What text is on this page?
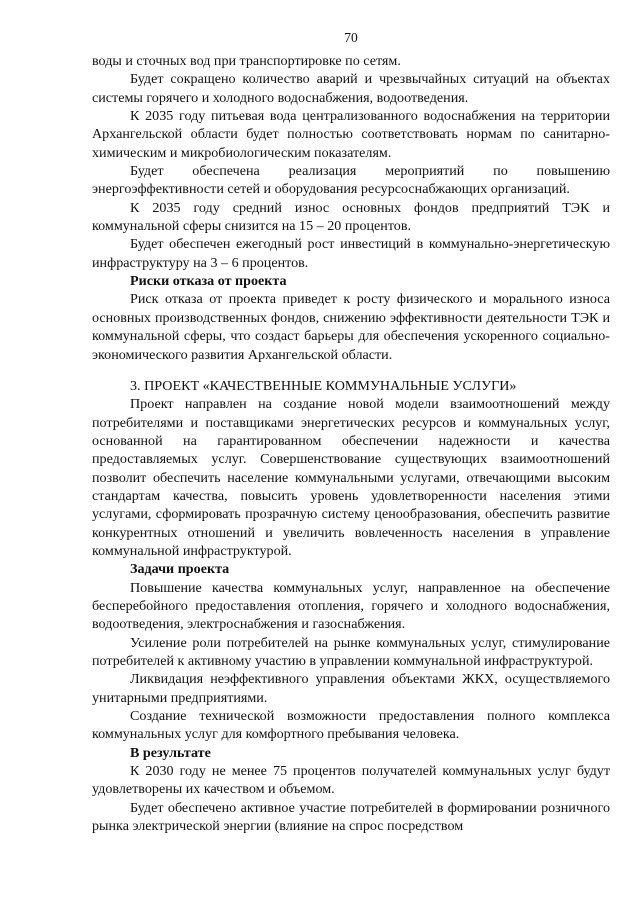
70

воды и сточных вод при транспортировке по сетям.

Будет сокращено количество аварий и чрезвычайных ситуаций на объектах системы горячего и холодного водоснабжения, водоотведения.

К 2035 году питьевая вода централизованного водоснабжения на территории Архангельской области будет полностью соответствовать нормам по санитарно-химическим и микробиологическим показателям.

Будет обеспечена реализация мероприятий по повышению энергоэффективности сетей и оборудования ресурсоснабжающих организаций.

К 2035 году средний износ основных фондов предприятий ТЭК и коммунальной сферы снизится на 15 – 20 процентов.

Будет обеспечен ежегодный рост инвестиций в коммунально-энергетическую инфраструктуру на 3 – 6 процентов.

Риски отказа от проекта

Риск отказа от проекта приведет к росту физического и морального износа основных производственных фондов, снижению эффективности деятельности ТЭК и коммунальной сферы, что создаст барьеры для обеспечения ускоренного социально-экономического развития Архангельской области.

3. ПРОЕКТ «КАЧЕСТВЕННЫЕ КОММУНАЛЬНЫЕ УСЛУГИ»

Проект направлен на создание новой модели взаимоотношений между потребителями и поставщиками энергетических ресурсов и коммунальных услуг, основанной на гарантированном обеспечении надежности и качества предоставляемых услуг. Совершенствование существующих взаимоотношений позволит обеспечить население коммунальными услугами, отвечающими высоким стандартам качества, повысить уровень удовлетворенности населения этими услугами, сформировать прозрачную систему ценообразования, обеспечить развитие конкурентных отношений и увеличить вовлеченность населения в управление коммунальной инфраструктурой.

Задачи проекта

Повышение качества коммунальных услуг, направленное на обеспечение бесперебойного предоставления отопления, горячего и холодного водоснабжения, водоотведения, электроснабжения и газоснабжения.

Усиление роли потребителей на рынке коммунальных услуг, стимулирование потребителей к активному участию в управлении коммунальной инфраструктурой.

Ликвидация неэффективного управления объектами ЖКХ, осуществляемого унитарными предприятиями.

Создание технической возможности предоставления полного комплекса коммунальных услуг для комфортного пребывания человека.

В результате

К 2030 году не менее 75 процентов получателей коммунальных услуг будут удовлетворены их качеством и объемом.

Будет обеспечено активное участие потребителей в формировании розничного рынка электрической энергии (влияние на спрос посредством
